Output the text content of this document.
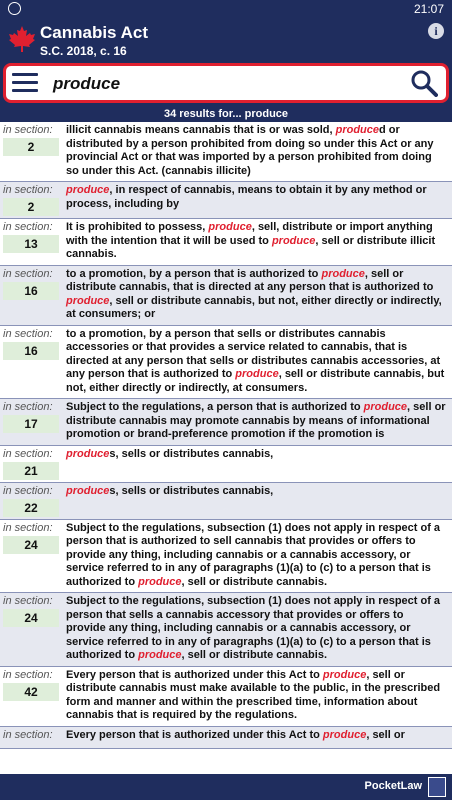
21:07
Cannabis Act
S.C. 2018, c. 16
i
produce
34 results for... produce
in section:
2
illicit cannabis means cannabis that is or was sold, produced or distributed by a person prohibited from doing so under this Act or any provincial Act or that was imported by a person prohibited from doing so under this Act. (cannabis illicite)
in section:
2
produce, in respect of cannabis, means to obtain it by any method or process, including by
in section:
13
It is prohibited to possess, produce, sell, distribute or import anything with the intention that it will be used to produce, sell or distribute illicit cannabis.
in section:
16
to a promotion, by a person that is authorized to produce, sell or distribute cannabis, that is directed at any person that is authorized to produce, sell or distribute cannabis, but not, either directly or indirectly, at consumers; or
in section:
16
to a promotion, by a person that sells or distributes cannabis accessories or that provides a service related to cannabis, that is directed at any person that sells or distributes cannabis accessories, at any person that is authorized to produce, sell or distribute cannabis, but not, either directly or indirectly, at consumers.
in section:
17
Subject to the regulations, a person that is authorized to produce, sell or distribute cannabis may promote cannabis by means of informational promotion or brand-preference promotion if the promotion is
in section:
21
produces, sells or distributes cannabis,
in section:
22
produces, sells or distributes cannabis,
in section:
24
Subject to the regulations, subsection (1) does not apply in respect of a person that is authorized to sell cannabis that provides or offers to provide any thing, including cannabis or a cannabis accessory, or service referred to in any of paragraphs (1)(a) to (c) to a person that is authorized to produce, sell or distribute cannabis.
in section:
24
Subject to the regulations, subsection (1) does not apply in respect of a person that sells a cannabis accessory that provides or offers to provide any thing, including cannabis or a cannabis accessory, or service referred to in any of paragraphs (1)(a) to (c) to a person that is authorized to produce, sell or distribute cannabis.
in section:
42
Every person that is authorized under this Act to produce, sell or distribute cannabis must make available to the public, in the prescribed form and manner and within the prescribed time, information about cannabis that is required by the regulations.
in section:	Every person that is authorized under this Act to produce, sell or
PocketLaw
